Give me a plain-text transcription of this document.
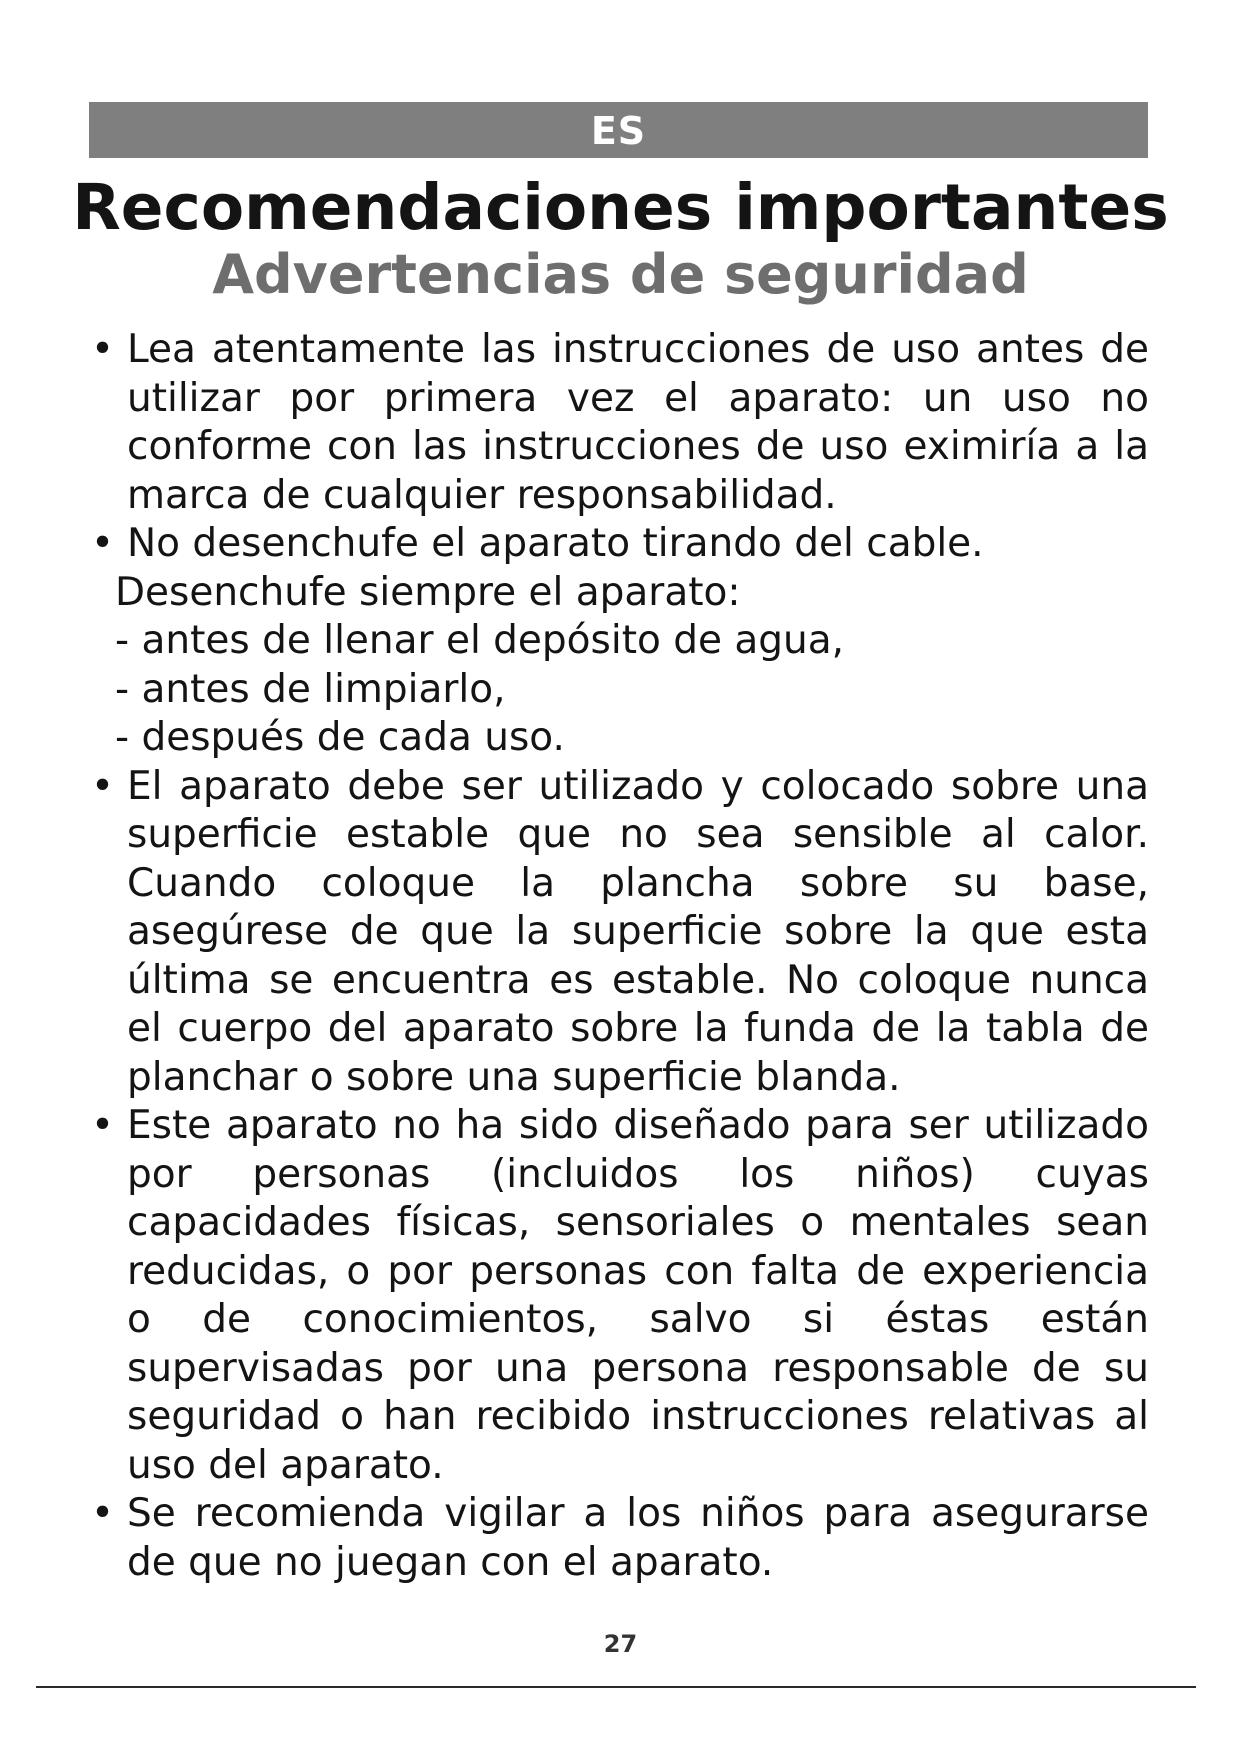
ES
Recomendaciones importantes
Advertencias de seguridad
• Lea atentamente las instrucciones de uso antes de utilizar por primera vez el aparato: un uso no conforme con las instrucciones de uso eximiría a la marca de cualquier responsabilidad.
• No desenchufe el aparato tirando del cable.
Desenchufe siempre el aparato:
- antes de llenar el depósito de agua,
- antes de limpiarlo,
- después de cada uso.
• El aparato debe ser utilizado y colocado sobre una superficie estable que no sea sensible al calor. Cuando coloque la plancha sobre su base, asegúrese de que la superficie sobre la que esta última se encuentra es estable. No coloque nunca el cuerpo del aparato sobre la funda de la tabla de planchar o sobre una superficie blanda.
• Este aparato no ha sido diseñado para ser utilizado por personas (incluidos los niños) cuyas capacidades físicas, sensoriales o mentales sean reducidas, o por personas con falta de experiencia o de conocimientos, salvo si éstas están supervisadas por una persona responsable de su seguridad o han recibido instrucciones relativas al uso del aparato.
• Se recomienda vigilar a los niños para asegurarse de que no juegan con el aparato.
27
